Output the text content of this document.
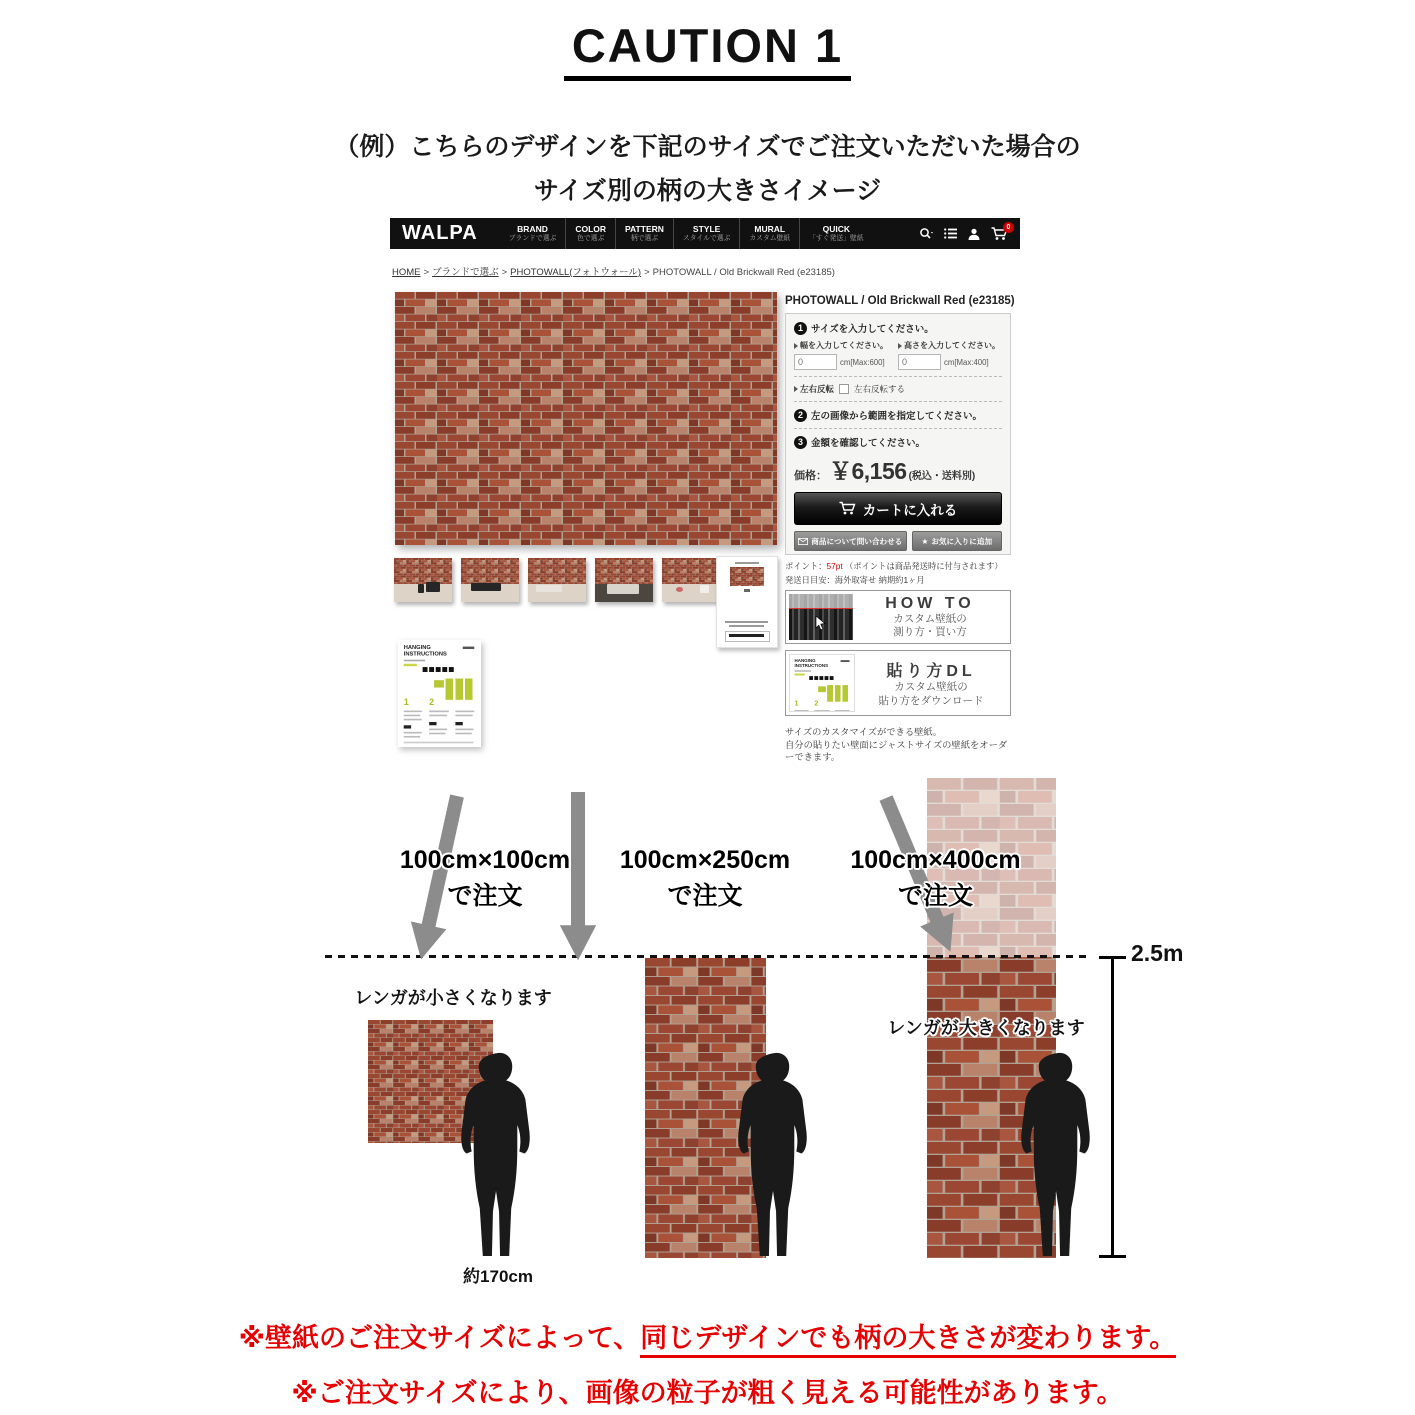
CAUTION 1
（例）こちらのデザインを下記のサイズでご注文いただいた場合の
サイズ別の柄の大きさイメージ
WALPA	BRAND
ブランドで選ぶ
COLOR
色で選ぶ
PATTERN
柄で選ぶ
STYLE
スタイルで選ぶ
MURAL
カスタム壁紙
QUICK
「すぐ発送」壁紙
0
HOME > ブランドで選ぶ > PHOTOWALL(フォトウォール) > PHOTOWALL / Old Brickwall Red (e23185)
HANGING
INSTRUCTIONS
1 2
PHOTOWALL / Old Brickwall Red (e23185)
1 サイズを入力してください。
幅を入力してください。
0
cm[Max:600]
高さを入力してください。
0
cm[Max:400]
左右反転 左右反転する
2 左の画像から範囲を指定してください。
3 金額を確認してください。
価格： ￥6,156 (税込・送料別)
カートに入れる
商品について問い合わせる	★ お気に入りに追加
ポイント：57pt （ポイントは商品発送時に付与されます）
発送日目安：海外取寄せ 納期約1ヶ月
HOW TO
カスタム壁紙の
測り方・買い方
HANGING
INSTRUCTIONS
1 2
貼り方DL
カスタム壁紙の
貼り方をダウンロード
サイズのカスタマイズができる壁紙。
自分の貼りたい壁面にジャストサイズの壁紙をオーダーできます。
100cm×100cm
で注文
100cm×250cm
で注文
100cm×400cm
で注文
2.5m
レンガが小さくなります
約170cm
レンガが大きくなります
※壁紙のご注文サイズによって、同じデザインでも柄の大きさが変わります。
※ご注文サイズにより、画像の粒子が粗く見える可能性があります。
